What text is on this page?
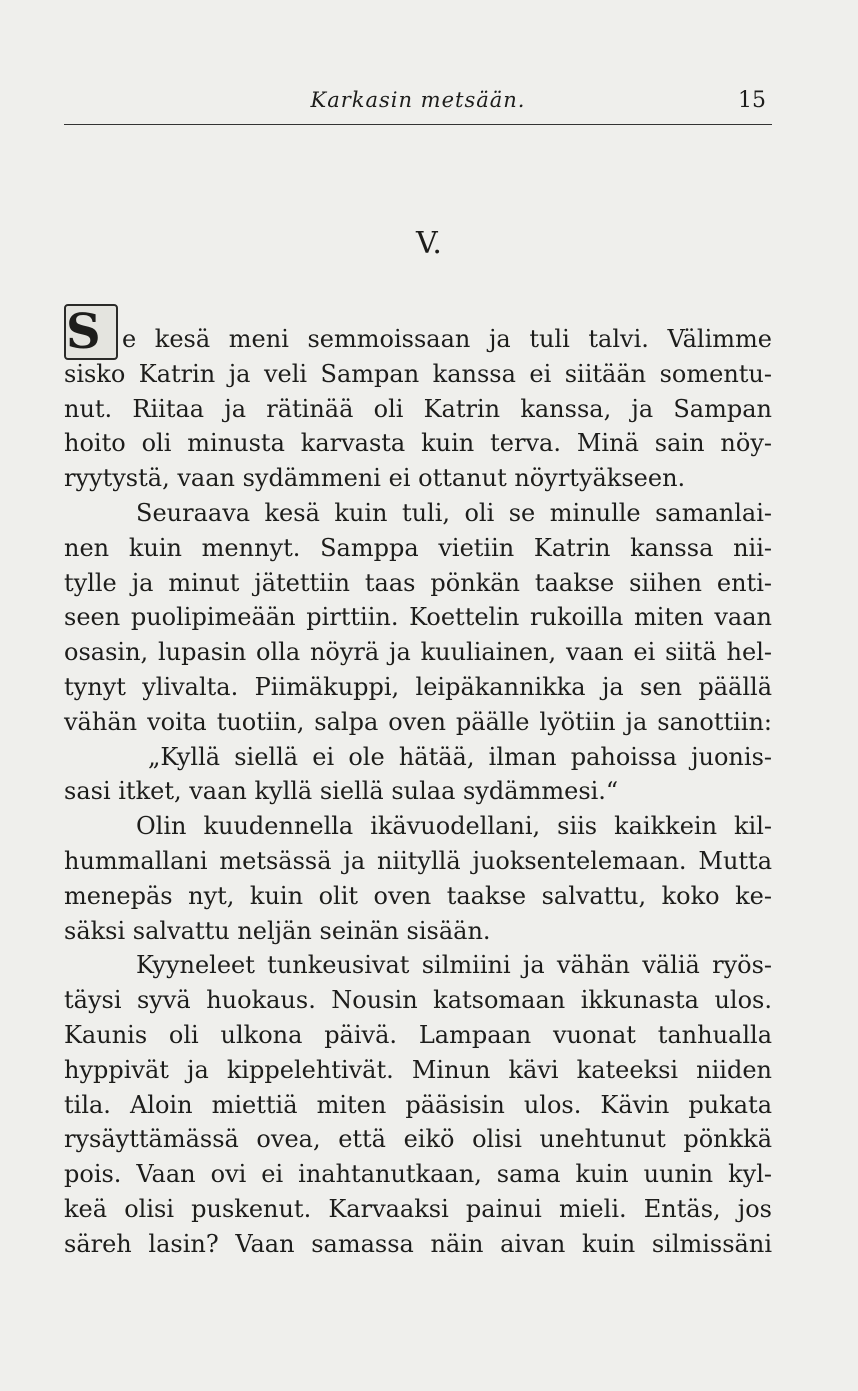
Karkasin metsään.	15
V.
S e kesä meni semmoissaan ja tuli talvi. Välimme
sisko Katrin ja veli Sampan kanssa ei siitään somentu-
nut. Riitaa ja rätinää oli Katrin kanssa, ja Sampan
hoito oli minusta karvasta kuin terva. Minä sain nöy-
ryytystä, vaan sydämmeni ei ottanut nöyrtyäkseen.
Seuraava kesä kuin tuli, oli se minulle samanlai-
nen kuin mennyt. Samppa vietiin Katrin kanssa nii-
tylle ja minut jätettiin taas pönkän taakse siihen enti-
seen puolipimeään pirttiin. Koettelin rukoilla miten vaan
osasin, lupasin olla nöyrä ja kuuliainen, vaan ei siitä hel-
tynyt ylivalta. Piimäkuppi, leipäkannikka ja sen päällä
vähän voita tuotiin, salpa oven päälle lyötiin ja sanottiin:
„Kyllä siellä ei ole hätää, ilman pahoissa juonis-
sasi itket, vaan kyllä siellä sulaa sydämmesi.“
Olin kuudennella ikävuodellani, siis kaikkein kil-
hummallani metsässä ja niityllä juoksentelemaan. Mutta
menepäs nyt, kuin olit oven taakse salvattu, koko ke-
säksi salvattu neljän seinän sisään.
Kyyneleet tunkeusivat silmiini ja vähän väliä ryös-
täysi syvä huokaus. Nousin katsomaan ikkunasta ulos.
Kaunis oli ulkona päivä. Lampaan vuonat tanhualla
hyppivät ja kippelehtivät. Minun kävi kateeksi niiden
tila. Aloin miettiä miten pääsisin ulos. Kävin pukata
rysäyttämässä ovea, että eikö olisi unehtunut pönkkä
pois. Vaan ovi ei inahtanutkaan, sama kuin uunin kyl-
keä olisi puskenut. Karvaaksi painui mieli. Entäs, jos
säreh lasin? Vaan samassa näin aivan kuin silmissäni
